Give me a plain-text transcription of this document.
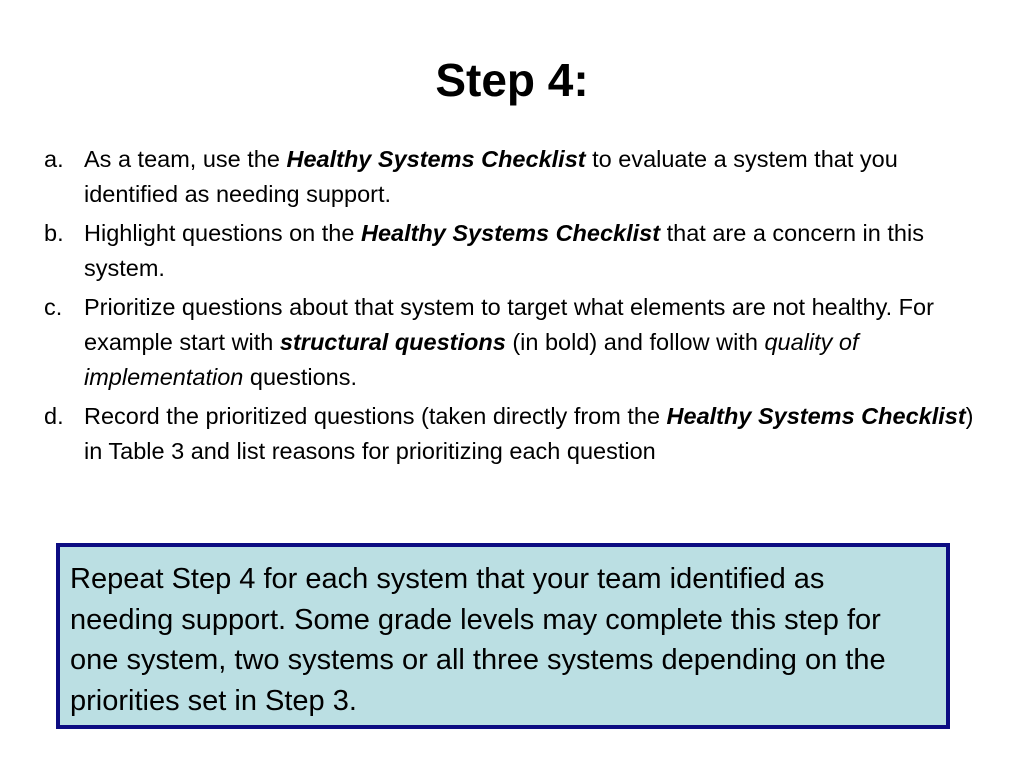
Step 4:
a. As a team, use the Healthy Systems Checklist to evaluate a system that you identified as needing support.
b. Highlight questions on the Healthy Systems Checklist that are a concern in this system.
c. Prioritize questions about that system to target what elements are not healthy. For example start with structural questions (in bold) and follow with quality of implementation questions.
d. Record the prioritized questions (taken directly from the Healthy Systems Checklist) in Table 3 and list reasons for prioritizing each question

Repeat Step 4 for each system that your team identified as needing support. Some grade levels may complete this step for one system, two systems or all three systems depending on the priorities set in Step 3.
